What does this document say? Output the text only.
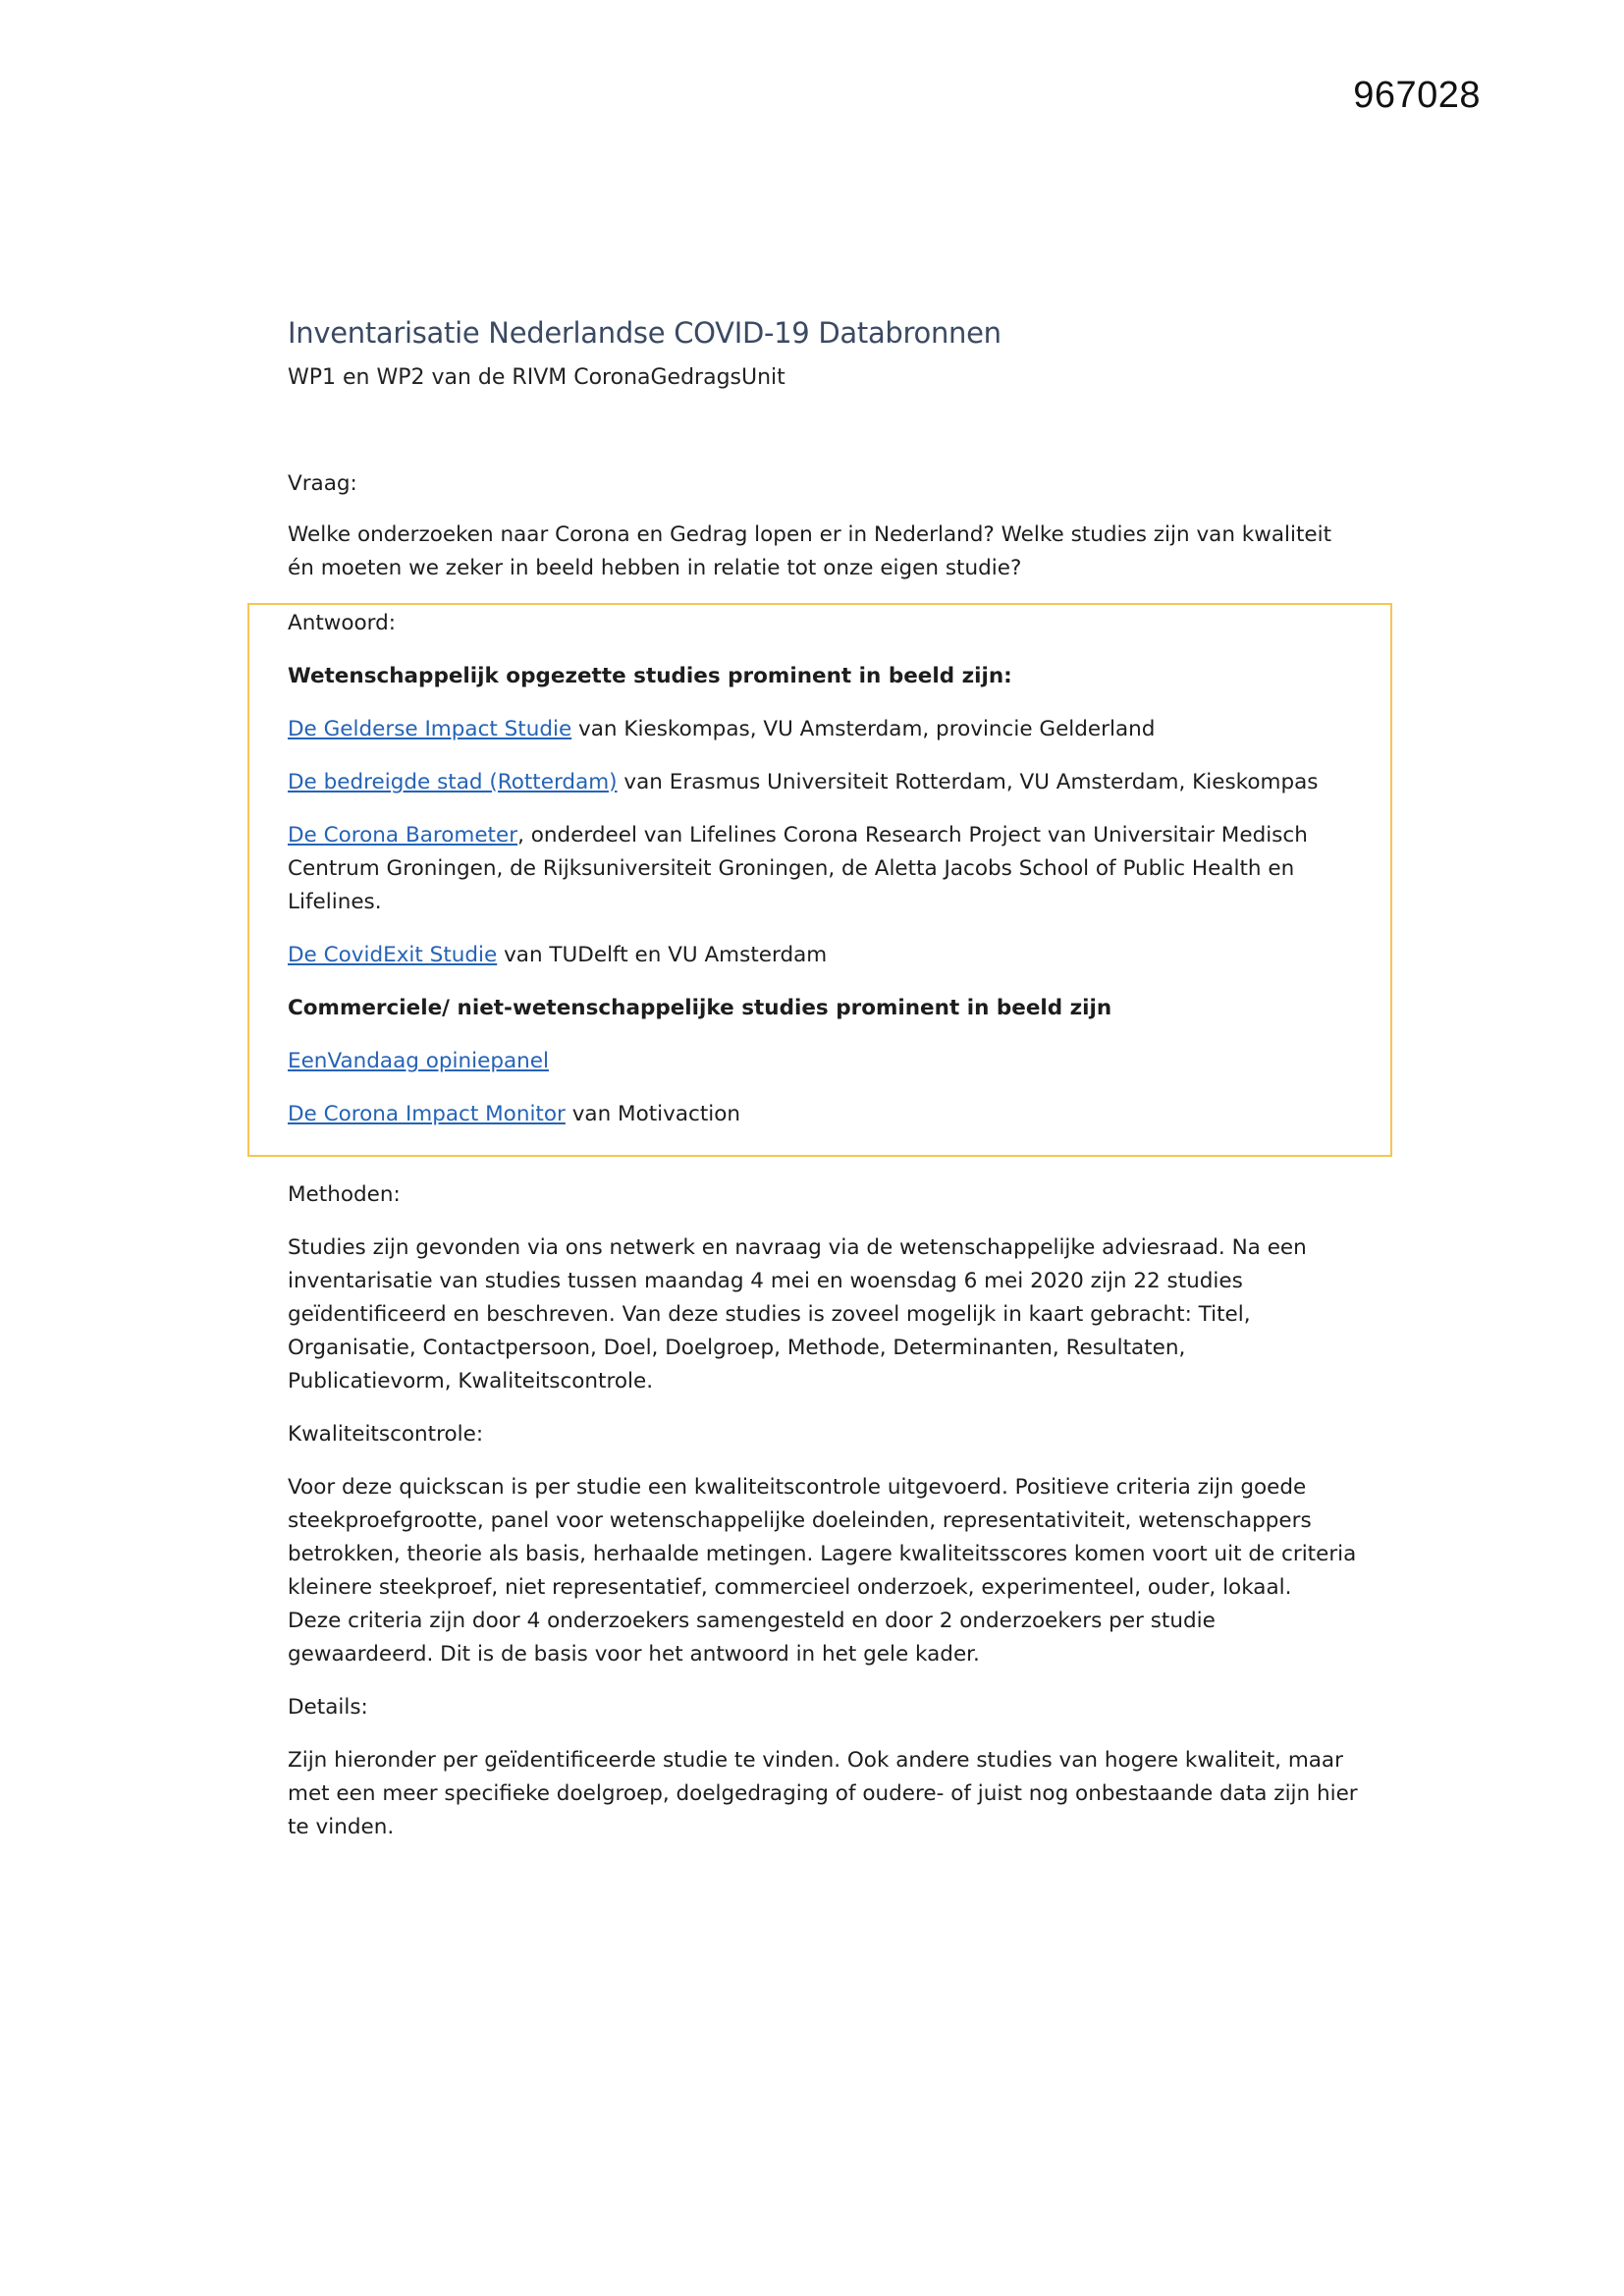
967028
Inventarisatie Nederlandse COVID-19 Databronnen
WP1 en WP2 van de RIVM CoronaGedragsUnit

Vraag:

Welke onderzoeken naar Corona en Gedrag lopen er in Nederland? Welke studies zijn van kwaliteit

én moeten we zeker in beeld hebben in relatie tot onze eigen studie?

Antwoord:

Wetenschappelijk opgezette studies prominent in beeld zijn:

De Gelderse Impact Studie van Kieskompas, VU Amsterdam, provincie Gelderland

De bedreigde stad (Rotterdam) van Erasmus Universiteit Rotterdam, VU Amsterdam, Kieskompas

De Corona Barometer, onderdeel van Lifelines Corona Research Project van Universitair Medisch

Centrum Groningen, de Rijksuniversiteit Groningen, de Aletta Jacobs School of Public Health en

Lifelines.

De CovidExit Studie van TUDelft en VU Amsterdam

Commerciele/ niet-wetenschappelijke studies prominent in beeld zijn

EenVandaag opiniepanel

De Corona Impact Monitor van Motivaction

Methoden:

Studies zijn gevonden via ons netwerk en navraag via de wetenschappelijke adviesraad. Na een

inventarisatie van studies tussen maandag 4 mei en woensdag 6 mei 2020 zijn 22 studies

geïdentificeerd en beschreven. Van deze studies is zoveel mogelijk in kaart gebracht: Titel,

Organisatie, Contactpersoon, Doel, Doelgroep, Methode, Determinanten, Resultaten,

Publicatievorm, Kwaliteitscontrole.

Kwaliteitscontrole:

Voor deze quickscan is per studie een kwaliteitscontrole uitgevoerd. Positieve criteria zijn goede

steekproefgrootte, panel voor wetenschappelijke doeleinden, representativiteit, wetenschappers

betrokken, theorie als basis, herhaalde metingen. Lagere kwaliteitsscores komen voort uit de criteria

kleinere steekproef, niet representatief, commercieel onderzoek, experimenteel, ouder, lokaal.

Deze criteria zijn door 4 onderzoekers samengesteld en door 2 onderzoekers per studie

gewaardeerd. Dit is de basis voor het antwoord in het gele kader.

Details:

Zijn hieronder per geïdentificeerde studie te vinden. Ook andere studies van hogere kwaliteit, maar

met een meer specifieke doelgroep, doelgedraging of oudere- of juist nog onbestaande data zijn hier

te vinden.
